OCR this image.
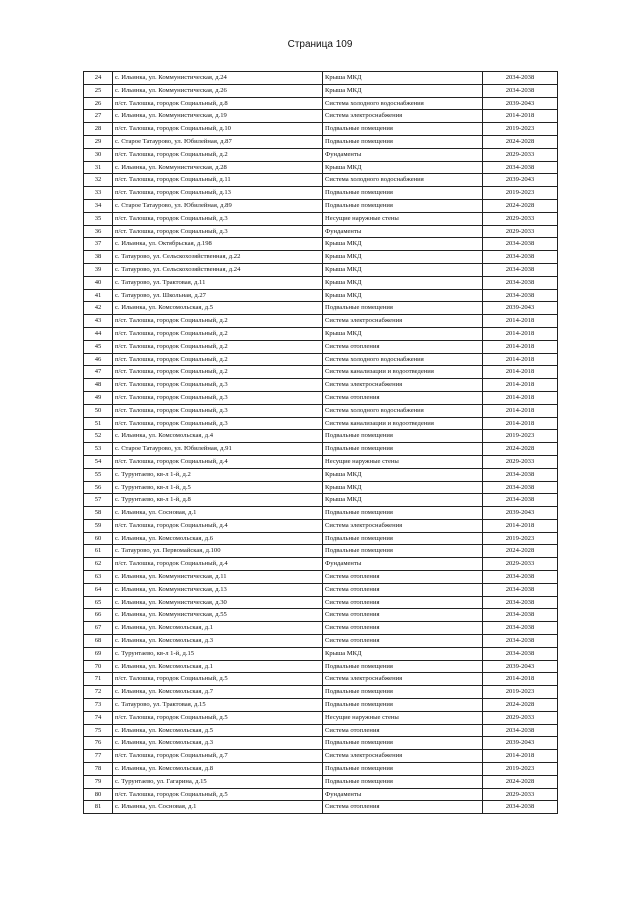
Страница 109
24	с. Ильинка, ул. Коммунистическая, д.24	Крыша МКД	2034-2038
25	с. Ильинка, ул. Коммунистическая, д.26	Крыша МКД	2034-2038
26	п/ст. Талошка, городок Социальный, д.8	Система холодного водоснабжения	2039-2043
27	с. Ильинка, ул. Коммунистическая, д.19	Система электроснабжения	2014-2018
28	п/ст. Талошка, городок Социальный, д.10	Подвальные помещения	2019-2023
29	с. Старое Татаурово, ул. Юбилейная, д.87	Подвальные помещения	2024-2028
30	п/ст. Талошка, городок Социальный, д.2	Фундаменты	2029-2033
31	с. Ильинка, ул. Коммунистическая, д.28	Крыша МКД	2034-2038
32	п/ст. Талошка, городок Социальный, д.11	Система холодного водоснабжения	2039-2043
33	п/ст. Талошка, городок Социальный, д.13	Подвальные помещения	2019-2023
34	с. Старое Татаурово, ул. Юбилейная, д.89	Подвальные помещения	2024-2028
35	п/ст. Талошка, городок Социальный, д.3	Несущие наружные стены	2029-2033
36	п/ст. Талошка, городок Социальный, д.3	Фундаменты	2029-2033
37	с. Ильинка, ул. Октябрьская, д.198	Крыша МКД	2034-2038
38	с. Татаурово, ул. Сельскохозяйственная, д.22	Крыша МКД	2034-2038
39	с. Татаурово, ул. Сельскохозяйственная, д.24	Крыша МКД	2034-2038
40	с. Татаурово, ул. Трактовая, д.11	Крыша МКД	2034-2038
41	с. Татаурово, ул. Школьная, д.27	Крыша МКД	2034-2038
42	с. Ильинка, ул. Комсомольская, д.5	Подвальные помещения	2039-2043
43	п/ст. Талошка, городок Социальный, д.2	Система электроснабжения	2014-2018
44	п/ст. Талошка, городок Социальный, д.2	Крыша МКД	2014-2018
45	п/ст. Талошка, городок Социальный, д.2	Система отопления	2014-2018
46	п/ст. Талошка, городок Социальный, д.2	Система холодного водоснабжения	2014-2018
47	п/ст. Талошка, городок Социальный, д.2	Система канализации и водоотведения	2014-2018
48	п/ст. Талошка, городок Социальный, д.3	Система электроснабжения	2014-2018
49	п/ст. Талошка, городок Социальный, д.3	Система отопления	2014-2018
50	п/ст. Талошка, городок Социальный, д.3	Система холодного водоснабжения	2014-2018
51	п/ст. Талошка, городок Социальный, д.3	Система канализации и водоотведения	2014-2018
52	с. Ильинка, ул. Комсомольская, д.4	Подвальные помещения	2019-2023
53	с. Старое Татаурово, ул. Юбилейная, д.91	Подвальные помещения	2024-2028
54	п/ст. Талошка, городок Социальный, д.4	Несущие наружные стены	2029-2033
55	с. Турунтаево, кв-л 1-й, д.2	Крыша МКД	2034-2038
56	с. Турунтаево, кв-л 1-й, д.5	Крыша МКД	2034-2038
57	с. Турунтаево, кв-л 1-й, д.8	Крыша МКД	2034-2038
58	с. Ильинка, ул. Сосновая, д.1	Подвальные помещения	2039-2043
59	п/ст. Талошка, городок Социальный, д.4	Система электроснабжения	2014-2018
60	с. Ильинка, ул. Комсомольская, д.6	Подвальные помещения	2019-2023
61	с. Татаурово, ул. Первомайская, д.100	Подвальные помещения	2024-2028
62	п/ст. Талошка, городок Социальный, д.4	Фундаменты	2029-2033
63	с. Ильинка, ул. Коммунистическая, д.11	Система отопления	2034-2038
64	с. Ильинка, ул. Коммунистическая, д.13	Система отопления	2034-2038
65	с. Ильинка, ул. Коммунистическая, д.30	Система отопления	2034-2038
66	с. Ильинка, ул. Коммунистическая, д.55	Система отопления	2034-2038
67	с. Ильинка, ул. Комсомольская, д.1	Система отопления	2034-2038
68	с. Ильинка, ул. Комсомольская, д.3	Система отопления	2034-2038
69	с. Турунтаево, кв-л 1-й, д.15	Крыша МКД	2034-2038
70	с. Ильинка, ул. Комсомольская, д.1	Подвальные помещения	2039-2043
71	п/ст. Талошка, городок Социальный, д.5	Система электроснабжения	2014-2018
72	с. Ильинка, ул. Комсомольская, д.7	Подвальные помещения	2019-2023
73	с. Татаурово, ул. Трактовая, д.15	Подвальные помещения	2024-2028
74	п/ст. Талошка, городок Социальный, д.5	Несущие наружные стены	2029-2033
75	с. Ильинка, ул. Комсомольская, д.5	Система отопления	2034-2038
76	с. Ильинка, ул. Комсомольская, д.3	Подвальные помещения	2039-2043
77	п/ст. Талошка, городок Социальный, д.7	Система электроснабжения	2014-2018
78	с. Ильинка, ул. Комсомольская, д.8	Подвальные помещения	2019-2023
79	с. Турунтаево, ул. Гагарина, д.15	Подвальные помещения	2024-2028
80	п/ст. Талошка, городок Социальный, д.5	Фундаменты	2029-2033
81	с. Ильинка, ул. Сосновая, д.1	Система отопления	2034-2038
